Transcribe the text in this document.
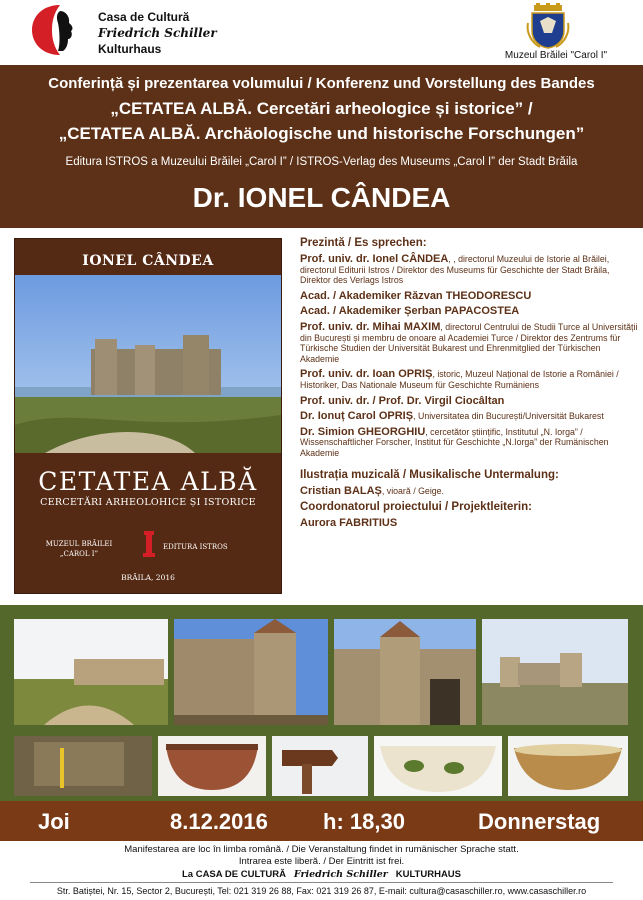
Casa de Cultură
Friedrich Schiller
Kulturhaus	Muzeul Brăilei "Carol I"
Conferință și prezentarea volumului / Konferenz und Vorstellung des Bandes
„CETATEA ALBĂ. Cercetări arheologice și istorice” /
„CETATEA ALBĂ. Archäologische und historische Forschungen”
Editura ISTROS a Muzeului Brăilei „Carol I” / ISTROS-Verlag des Museums „Carol I” der Stadt Brăila
Dr. IONEL CÂNDEA
IONEL CÂNDEA
CETATEA ALBĂ
CERCETĂRI ARHEOLOHICE ȘI ISTORICE
MUZEUL BRĂILEI
„CAROL I”
EDITURA ISTROS
BRĂILA, 2016
Prezintă / Es sprechen:
Prof. univ. dr. Ionel CÂNDEA, , directorul Muzeului de Istorie al Brăilei, directorul Editurii Istros / Direktor des Museums für Geschichte der Stadt Brăila, Direktor des Verlags Istros
Acad. / Akademiker Răzvan THEODORESCU
Acad. / Akademiker Șerban PAPACOSTEA
Prof. univ. dr. Mihai MAXIM, directorul Centrului de Studii Turce al Universității din București și membru de onoare al Academiei Turce / Direktor des Zentrums für Türkische Studien der Universität Bukarest und Ehrenmitglied der Türkischen Akademie
Prof. univ. dr. Ioan OPRIȘ, istoric, Muzeul Național de Istorie a României / Historiker, Das Nationale Museum für Geschichte Rumäniens
Prof. univ. dr. / Prof. Dr. Virgil Ciocâltan
Dr. Ionuț Carol OPRIȘ, Universitatea din București/Universität Bukarest
Dr. Simion GHEORGHIU, cercetător științific, Institutul „N. Iorga” / Wissenschaftlicher Forscher, Institut für Geschichte „N.Iorga” der Rumänischen Akademie
Ilustrația muzicală / Musikalische Untermalung:
Cristian BALAȘ, vioară / Geige.
Coordonatorul proiectului / Projektleiterin:
Aurora FABRITIUS
Joi	8.12.2016	h: 18,30	Donnerstag
Manifestarea are loc în limba română. / Die Veranstaltung findet in rumänischer Sprache statt.
Intrarea este liberă. / Der Eintritt ist frei.
La CASA DE CULTURĂ Friedrich Schiller KULTURHAUS
Str. Batiștei, Nr. 15, Sector 2, București, Tel: 021 319 26 88, Fax: 021 319 26 87, E-mail: cultura@casaschiller.ro, www.casaschiller.ro
